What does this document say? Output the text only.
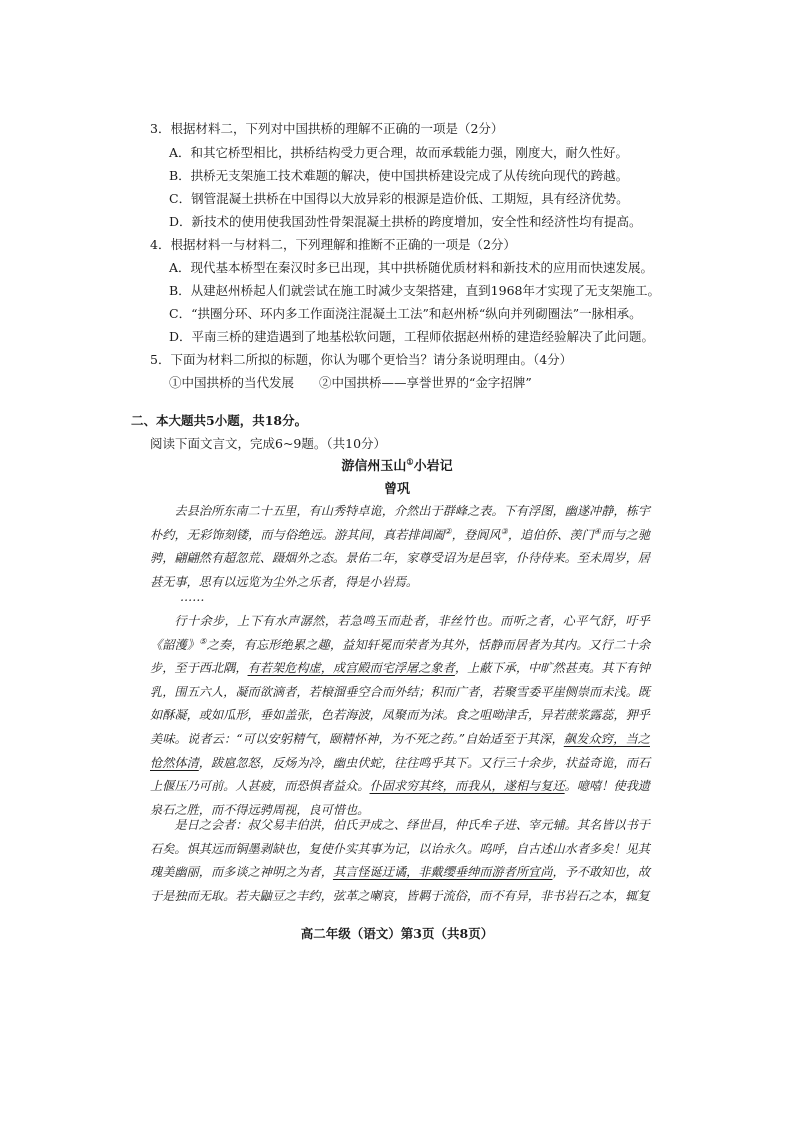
3．根据材料二，下列对中国拱桥的理解不正确的一项是（2分）
A．和其它桥型相比，拱桥结构受力更合理，故而承载能力强，刚度大，耐久性好。
B．拱桥无支架施工技术难题的解决，使中国拱桥建设完成了从传统向现代的跨越。
C．钢管混凝土拱桥在中国得以大放异彩的根源是造价低、工期短，具有经济优势。
D．新技术的使用使我国劲性骨架混凝土拱桥的跨度增加，安全性和经济性均有提高。
4．根据材料一与材料二，下列理解和推断不正确的一项是（2分）
A．现代基本桥型在秦汉时多已出现，其中拱桥随优质材料和新技术的应用而快速发展。
B．从建赵州桥起人们就尝试在施工时减少支架搭建，直到1968年才实现了无支架施工。
C．“拱圈分环、环内多工作面浇注混凝土工法”和赵州桥“纵向并列砌圈法”一脉相承。
D．平南三桥的建造遇到了地基松软问题，工程师依据赵州桥的建造经验解决了此问题。
5．下面为材料二所拟的标题，你认为哪个更恰当？请分条说明理由。（4分）
①中国拱桥的当代发展　　②中国拱桥——享誉世界的“金字招牌”
二、本大题共5小题，共18分。
阅读下面文言文，完成6~9题。（共10分）
游信州玉山①小岩记
曾巩
去县治所东南二十五里，有山秀特卓诡，介然出于群峰之表。下有浮图，幽遂冲静，栋宇朴约，无彩饰刻镂，而与俗绝远。游其间，真若排阊阖②，登阆风③，追伯侨、羡门④而与之驰骋，翩翩然有超忽荒、蹑烟外之态。景佑二年，家尊受诏为是邑宰，仆待侍来。至未周岁，居甚无事，思有以远览为尘外之乐者，得是小岩焉。
……
行十余步，上下有水声潺然，若急鸣玉而赴者，非丝竹也。而听之者，心平气舒，吁乎《韶濩》⑤之奏，有忘形绝累之趣，益知轩冕而荣者为其外，恬静而居者为其内。又行二十余步，至于西北隅，有若架危构虚，成宫殿而宅浮屠之象者，上蔽下承，中旷然甚夷。其下有钟乳，围五六人，凝而欲滴者，若榱溜垂空合而外结；积而广者，若聚雪委平崖侧崇而未浅。既如酥凝，或如瓜形，垂如盖张，色若海波，凤聚而为沫。食之咀呦津舌，异若蔗浆露蕊，狎乎美味。说者云：“可以安躬精气，颐精怀神，为不死之药。”自始适至于其深，飙发众窍，当之怆然体清，跋扈忽怒，反炀为冷，幽虫伏蛇，往往鸣乎其下。又行三十余步，状益奇诡，而石上偃压乃可前。人甚疲，而恐惧者益众。仆固求穷其终，而我从，遂相与复还。噫嘻！使我遗泉石之胜，而不得远骋周视，良可惜也。
是日之会者：叔父易丰伯洪，伯氏尹成之、绎世昌，仲氏牟子进、宰元辅。其名皆以书于石矣。惧其远而铜墨剥缺也，复使仆实其事为记，以诒永久。呜呼，自古述山水者多矣！见其瑰美幽丽，而多谈之神明之为者，其言怪诞迂谲，非戴缨垂绅而游者所宜尚，予不敢知也，故于是独而无取。若夫鼬豆之丰约，弦革之喇哀，皆羁于流俗，而不有异，非书岩石之本，辄复
高二年级（语文）第3页（共8页）
